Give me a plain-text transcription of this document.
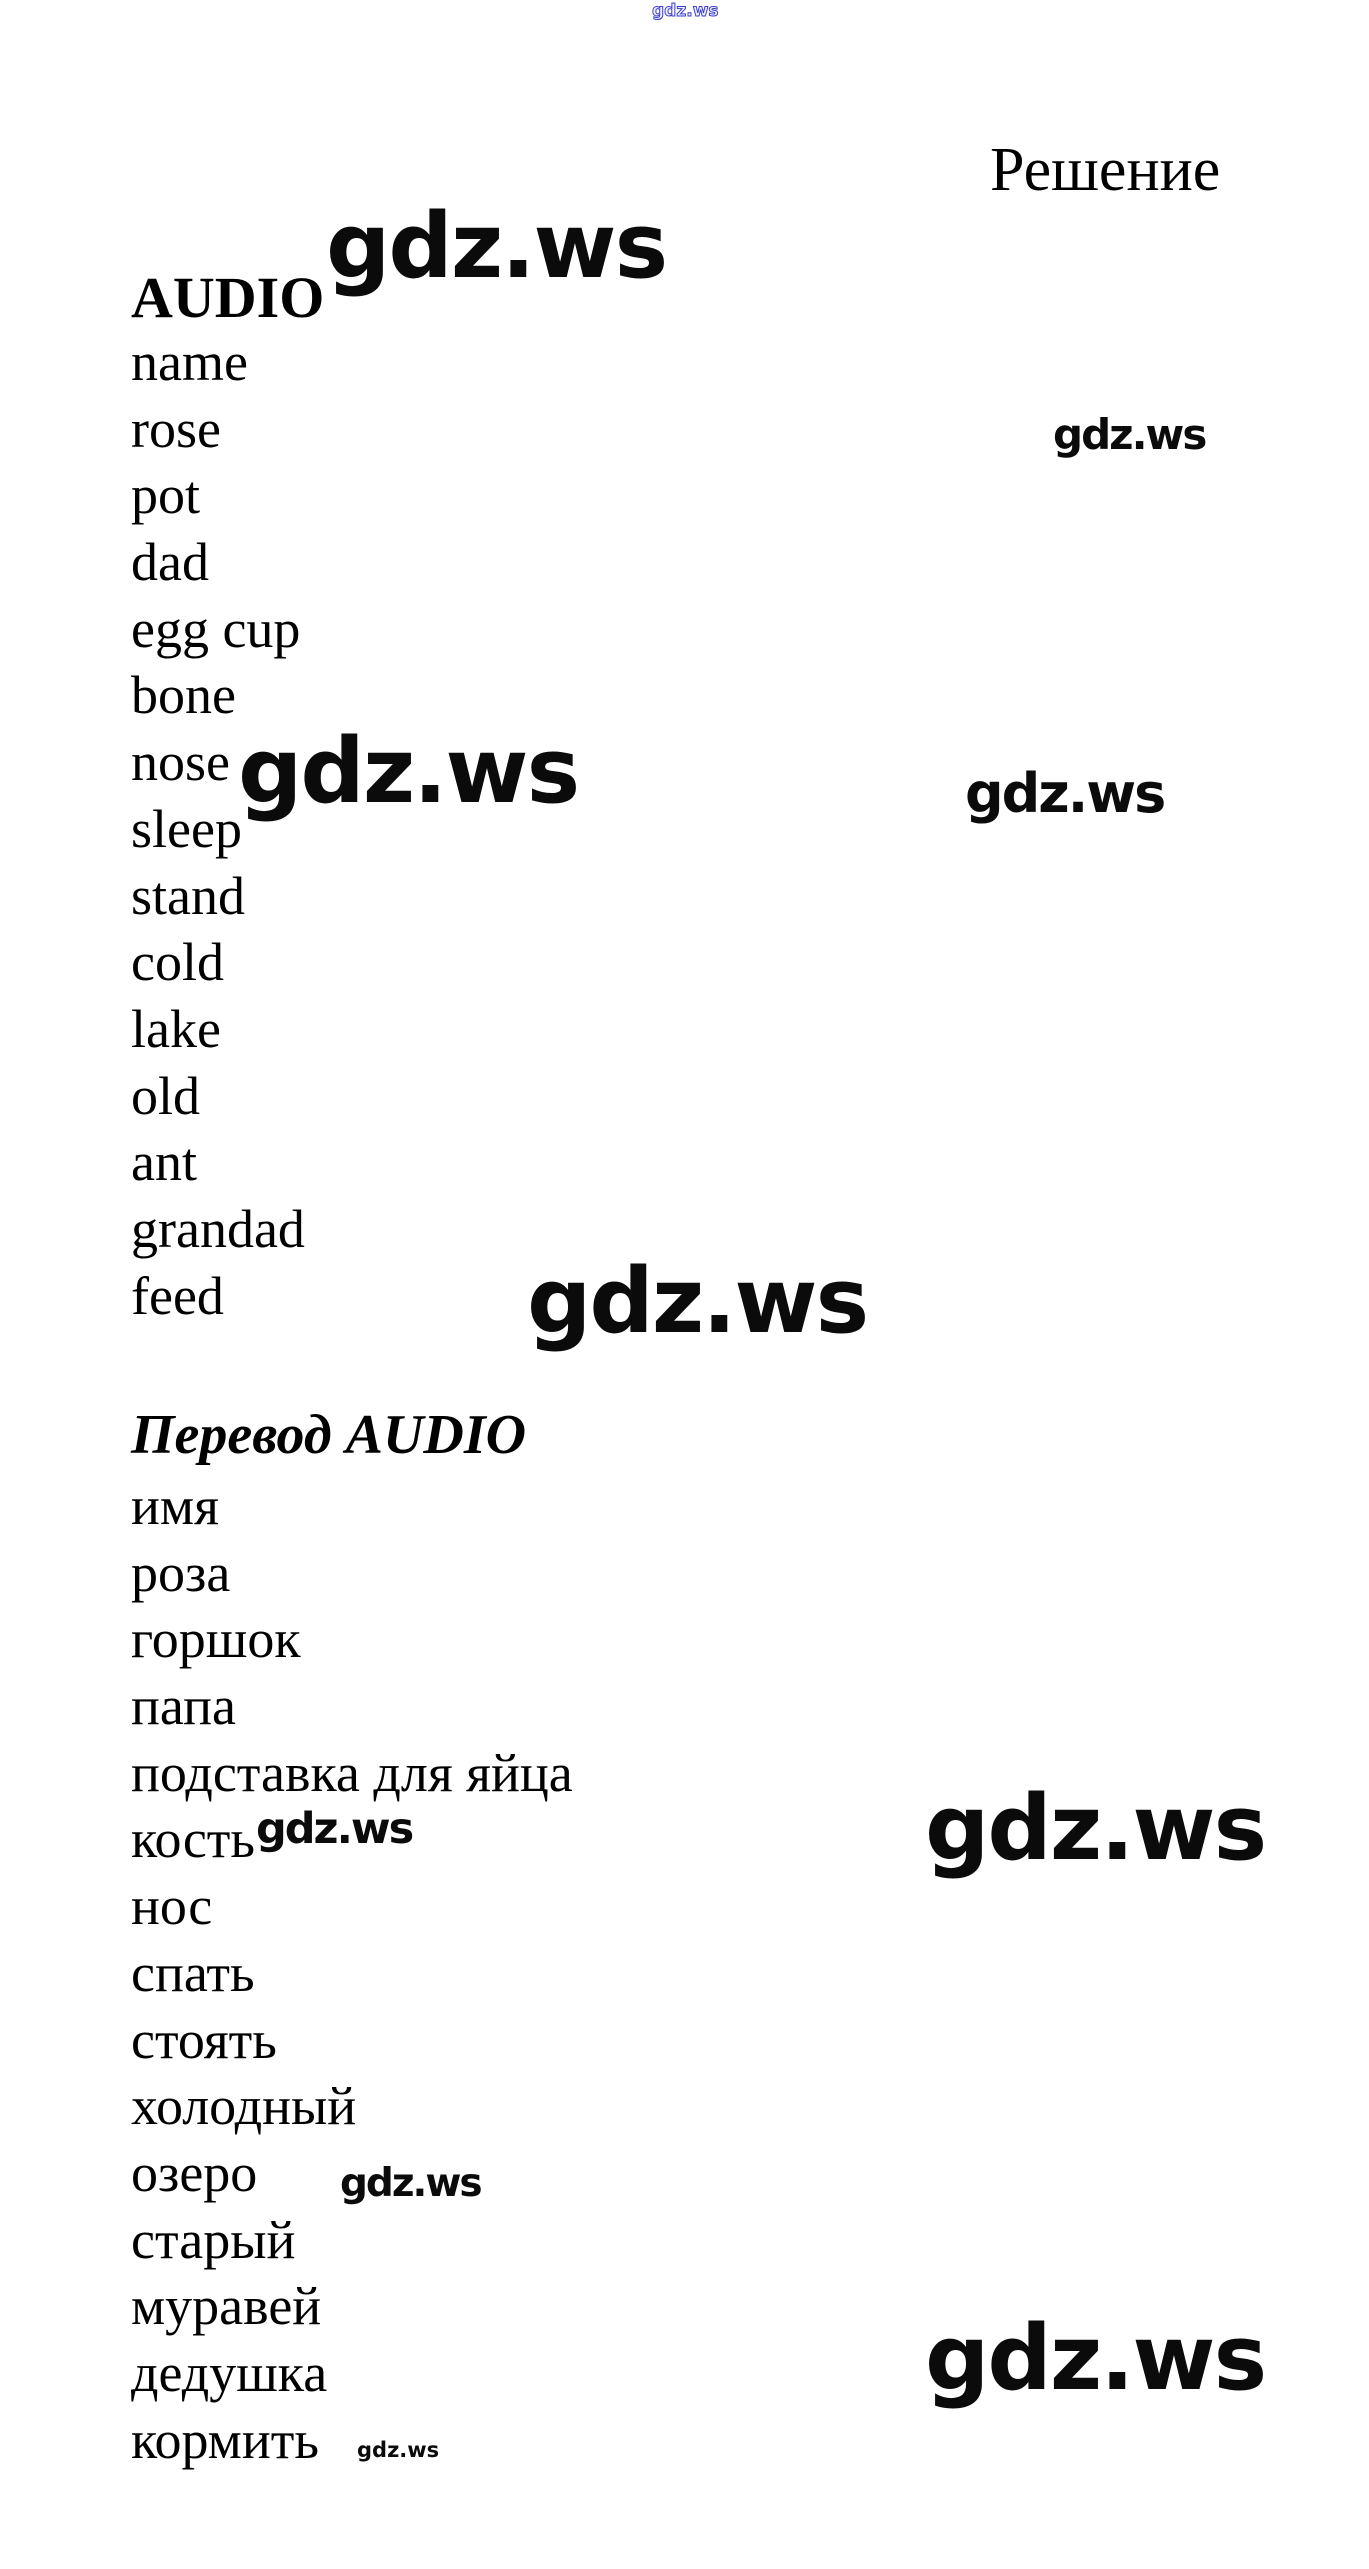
gdz.ws
Решение
gdz.ws
AUDIO
name
rose
pot
dad
egg cup
bone
nose
sleep
stand
cold
lake
old
ant
grandad
feed
gdz.ws
gdz.ws	gdz.ws
gdz.ws
Перевод AUDIO
имя
роза
горшок
папа
подставка для яйца
кость
нос
спать
стоять
холодный
озеро
старый
муравей
дедушка
кормить
gdz.ws	gdz.ws
gdz.ws
gdz.ws
gdz.ws
